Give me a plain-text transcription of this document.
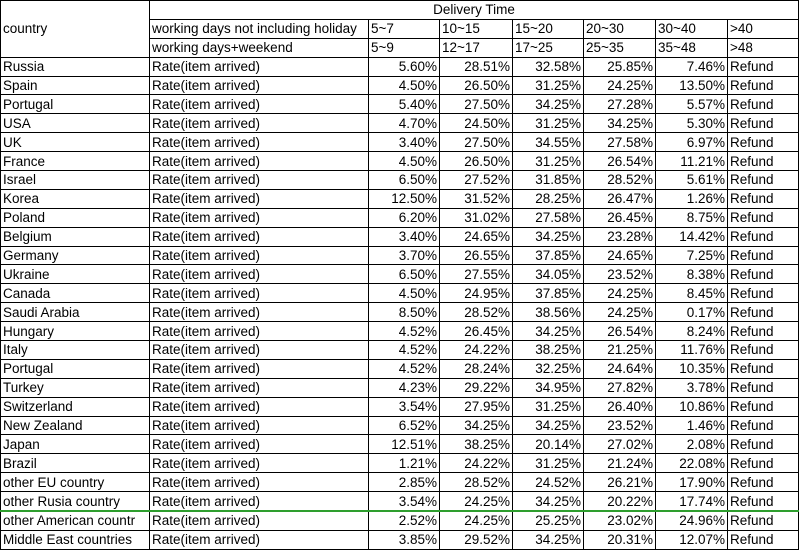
country	Delivery Time						
	working days not including holiday	5~7	10~15	15~20	20~30	30~40	>40
	working days+weekend	5~9	12~17	17~25	25~35	35~48	>48
Russia	Rate(item arrived)	5.60%	28.51%	32.58%	25.85%	7.46%	Refund
Spain	Rate(item arrived)	4.50%	26.50%	31.25%	24.25%	13.50%	Refund
Portugal	Rate(item arrived)	5.40%	27.50%	34.25%	27.28%	5.57%	Refund
USA	Rate(item arrived)	4.70%	24.50%	31.25%	34.25%	5.30%	Refund
UK	Rate(item arrived)	3.40%	27.50%	34.55%	27.58%	6.97%	Refund
France	Rate(item arrived)	4.50%	26.50%	31.25%	26.54%	11.21%	Refund
Israel	Rate(item arrived)	6.50%	27.52%	31.85%	28.52%	5.61%	Refund
Korea	Rate(item arrived)	12.50%	31.52%	28.25%	26.47%	1.26%	Refund
Poland	Rate(item arrived)	6.20%	31.02%	27.58%	26.45%	8.75%	Refund
Belgium	Rate(item arrived)	3.40%	24.65%	34.25%	23.28%	14.42%	Refund
Germany	Rate(item arrived)	3.70%	26.55%	37.85%	24.65%	7.25%	Refund
Ukraine	Rate(item arrived)	6.50%	27.55%	34.05%	23.52%	8.38%	Refund
Canada	Rate(item arrived)	4.50%	24.95%	37.85%	24.25%	8.45%	Refund
Saudi Arabia	Rate(item arrived)	8.50%	28.52%	38.56%	24.25%	0.17%	Refund
Hungary	Rate(item arrived)	4.52%	26.45%	34.25%	26.54%	8.24%	Refund
Italy	Rate(item arrived)	4.52%	24.22%	38.25%	21.25%	11.76%	Refund
Portugal	Rate(item arrived)	4.52%	28.24%	32.25%	24.64%	10.35%	Refund
Turkey	Rate(item arrived)	4.23%	29.22%	34.95%	27.82%	3.78%	Refund
Switzerland	Rate(item arrived)	3.54%	27.95%	31.25%	26.40%	10.86%	Refund
New Zealand	Rate(item arrived)	6.52%	34.25%	34.25%	23.52%	1.46%	Refund
Japan	Rate(item arrived)	12.51%	38.25%	20.14%	27.02%	2.08%	Refund
Brazil	Rate(item arrived)	1.21%	24.22%	31.25%	21.24%	22.08%	Refund
other EU country	Rate(item arrived)	2.85%	28.52%	24.52%	26.21%	17.90%	Refund
other Rusia country	Rate(item arrived)	3.54%	24.25%	34.25%	20.22%	17.74%	Refund
other American countr	Rate(item arrived)	2.52%	24.25%	25.25%	23.02%	24.96%	Refund
Middle East countries	Rate(item arrived)	3.85%	29.52%	34.25%	20.31%	12.07%	Refund
